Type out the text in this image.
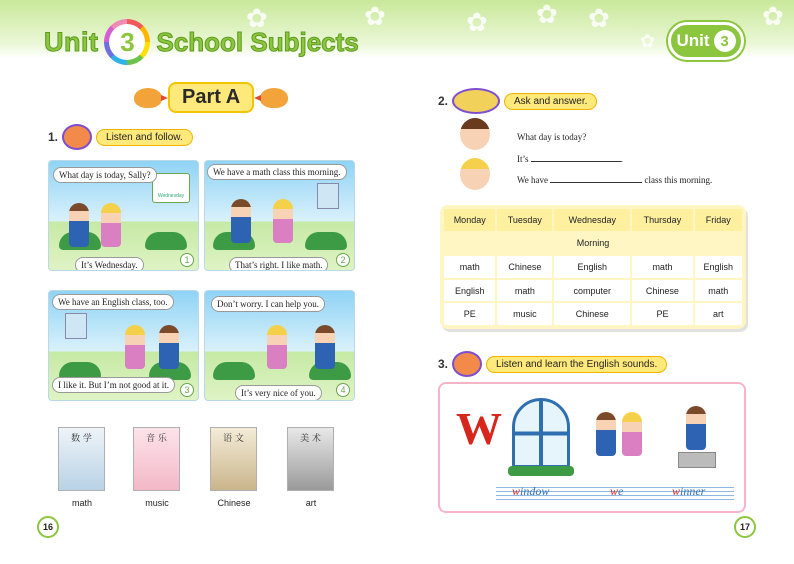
✿	✿	✿ ✿ ✿
✿
✿
Unit 3 School Subjects	Unit 3
Part A
1.	Listen and follow.
Wednesday
What day is today, Sally?
It’s Wednesday.	1
We have a math class this morning.
That’s right. I like math.	2
We have an English class, too.
I like it. But I’m not good at it.	3
Don’t worry. I can help you.
It’s very nice of you.	4
数 学	音 乐	语 文	美 术
math	music	Chinese	art
16
2.	Ask and answer.
What day is today?
It’s	.
We have	class this morning.
Monday	Tuesday	Wednesday	Thursday	Friday
Morning				
math	Chinese	English	math	English
English	math	computer	Chinese	math
PE	music	Chinese	PE	art
3.	Listen and learn the English sounds.
W
window	we	winner
17
